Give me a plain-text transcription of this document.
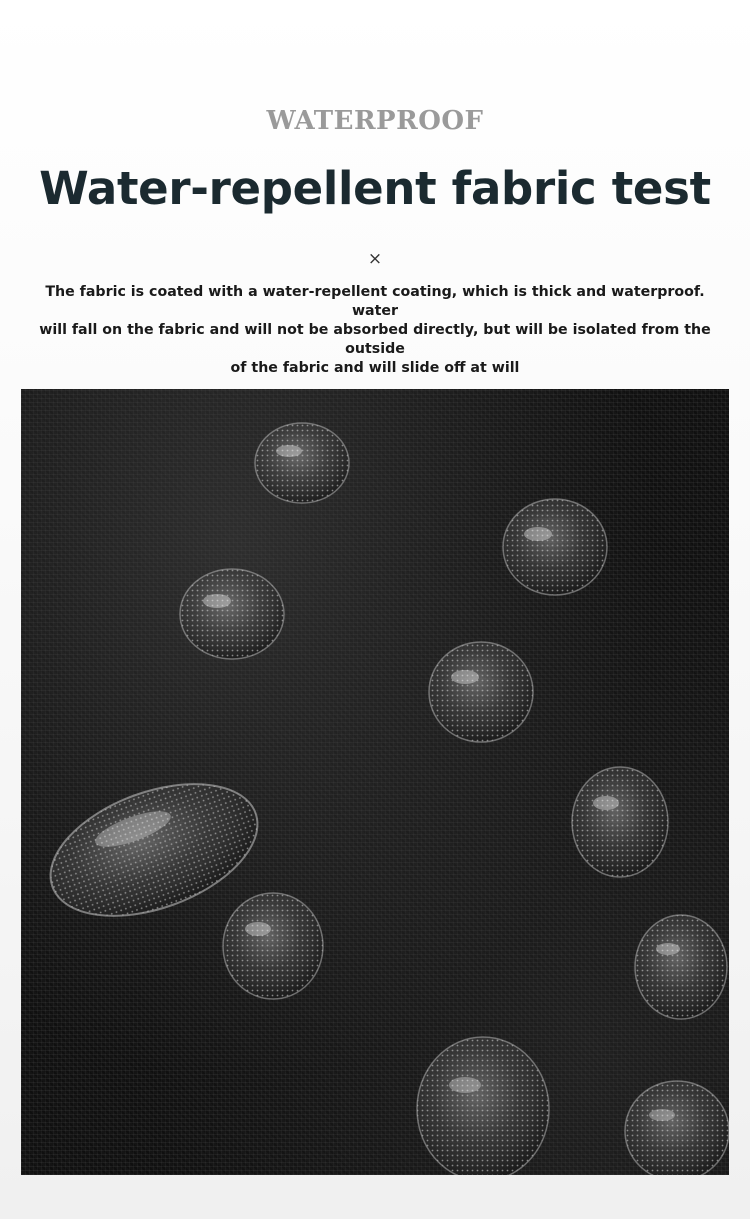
WATERPROOF
Water-repellent fabric test
×
The fabric is coated with a water-repellent coating, which is thick and waterproof. water
will fall on the fabric and will not be absorbed directly, but will be isolated from the outside
of the fabric and will slide off at will
